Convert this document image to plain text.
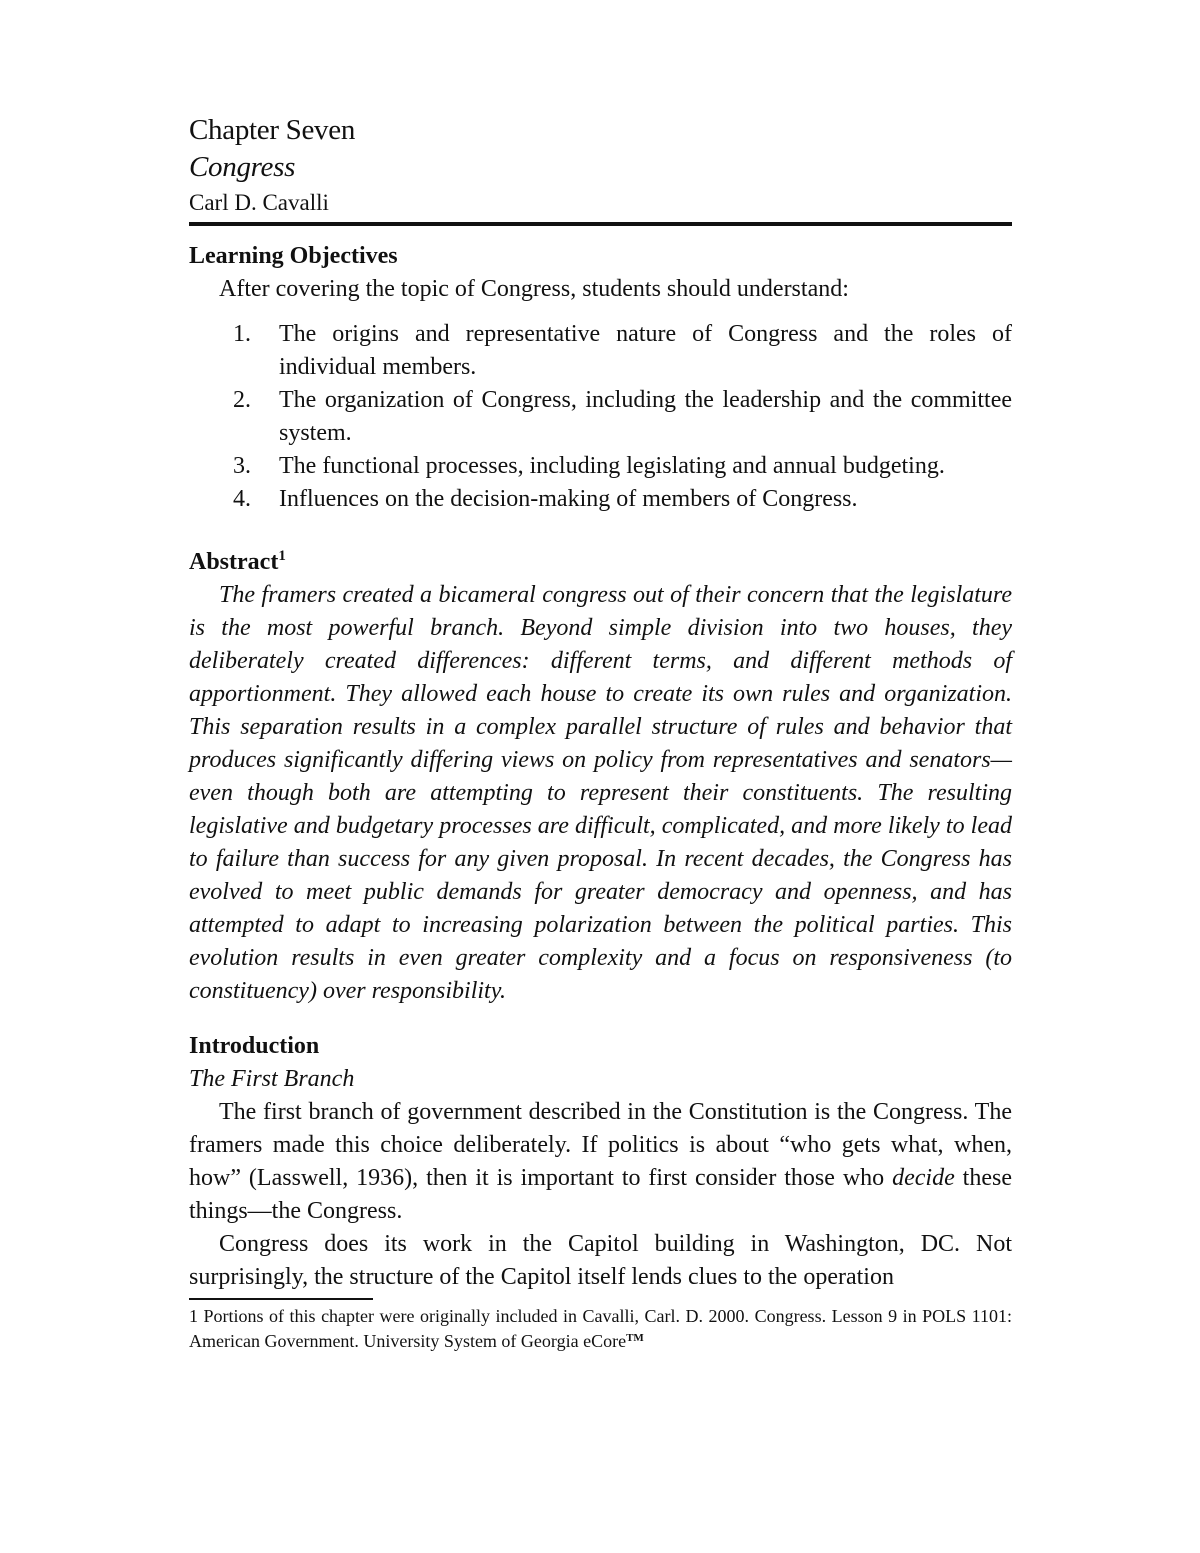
Chapter Seven
Congress

Carl D. Cavalli

Learning Objectives

After covering the topic of Congress, students should understand:

1.	The origins and representative nature of Congress and the roles of individual members.
2.	The organization of Congress, including the leadership and the committee system.
3.	The functional processes, including legislating and annual budgeting.
4.	Influences on the decision-making of members of Congress.

Abstract$^1$

The framers created a bicameral congress out of their concern that the legislature is the most powerful branch. Beyond simple division into two houses, they deliberately created differences: different terms, and different methods of apportionment. They allowed each house to create its own rules and organization. This separation results in a complex parallel structure of rules and behavior that produces significantly differing views on policy from representatives and senators—even though both are attempting to represent their constituents. The resulting legislative and budgetary processes are difficult, complicated, and more likely to lead to failure than success for any given proposal. In recent decades, the Congress has evolved to meet public demands for greater democracy and openness, and has attempted to adapt to increasing polarization between the political parties. This evolution results in even greater complexity and a focus on responsiveness (to constituency) over responsibility.

Introduction

The First Branch

The first branch of government described in the Constitution is the Congress. The framers made this choice deliberately. If politics is about “who gets what, when, how” (Lasswell, 1936), then it is important to first consider those who decide these things—the Congress.

Congress does its work in the Capitol building in Washington, DC. Not surprisingly, the structure of the Capitol itself lends clues to the operation

1 Portions of this chapter were originally included in Cavalli, Carl. D. 2000. Congress. Lesson 9 in POLS 1101: American Government. University System of Georgia eCore™
